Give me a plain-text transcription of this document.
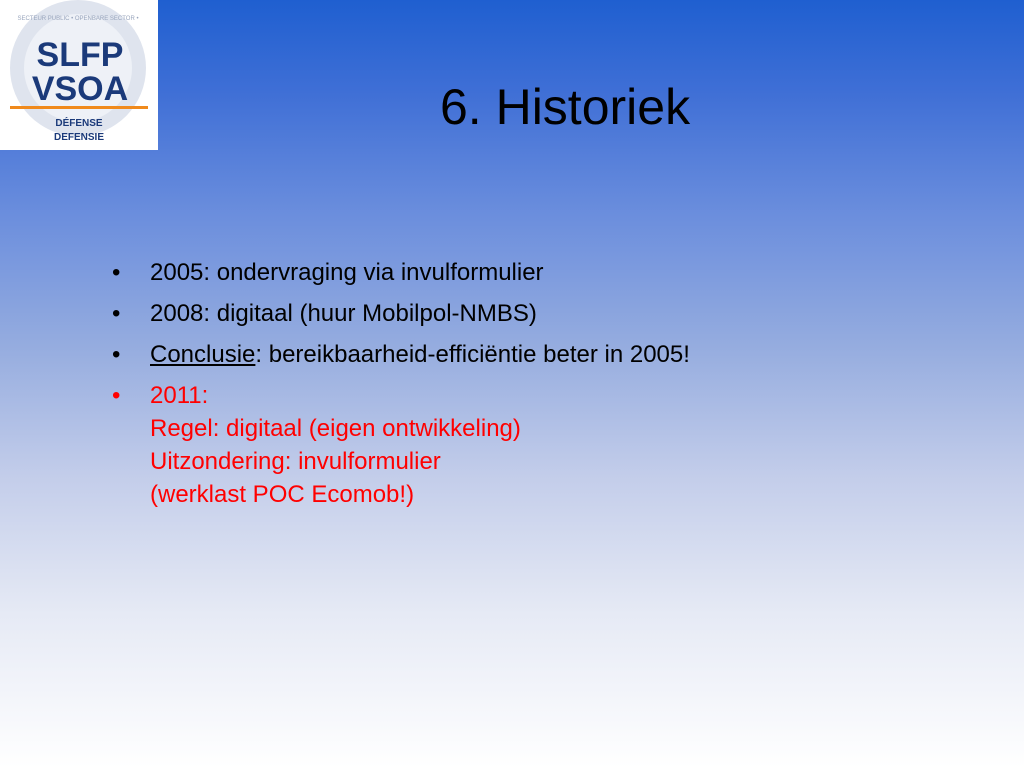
SECTEUR PUBLIC • OPENBARE SECTOR •
SLFP
VSOA
DÉFENSE
DEFENSIE
6. Historiek
• 2005: ondervraging via invulformulier
• 2008: digitaal (huur Mobilpol-NMBS)
• Conclusie: bereikbaarheid-efficiëntie beter in 2005!
• 2011:
Regel: digitaal (eigen ontwikkeling)
Uitzondering: invulformulier
(werklast POC Ecomob!)
